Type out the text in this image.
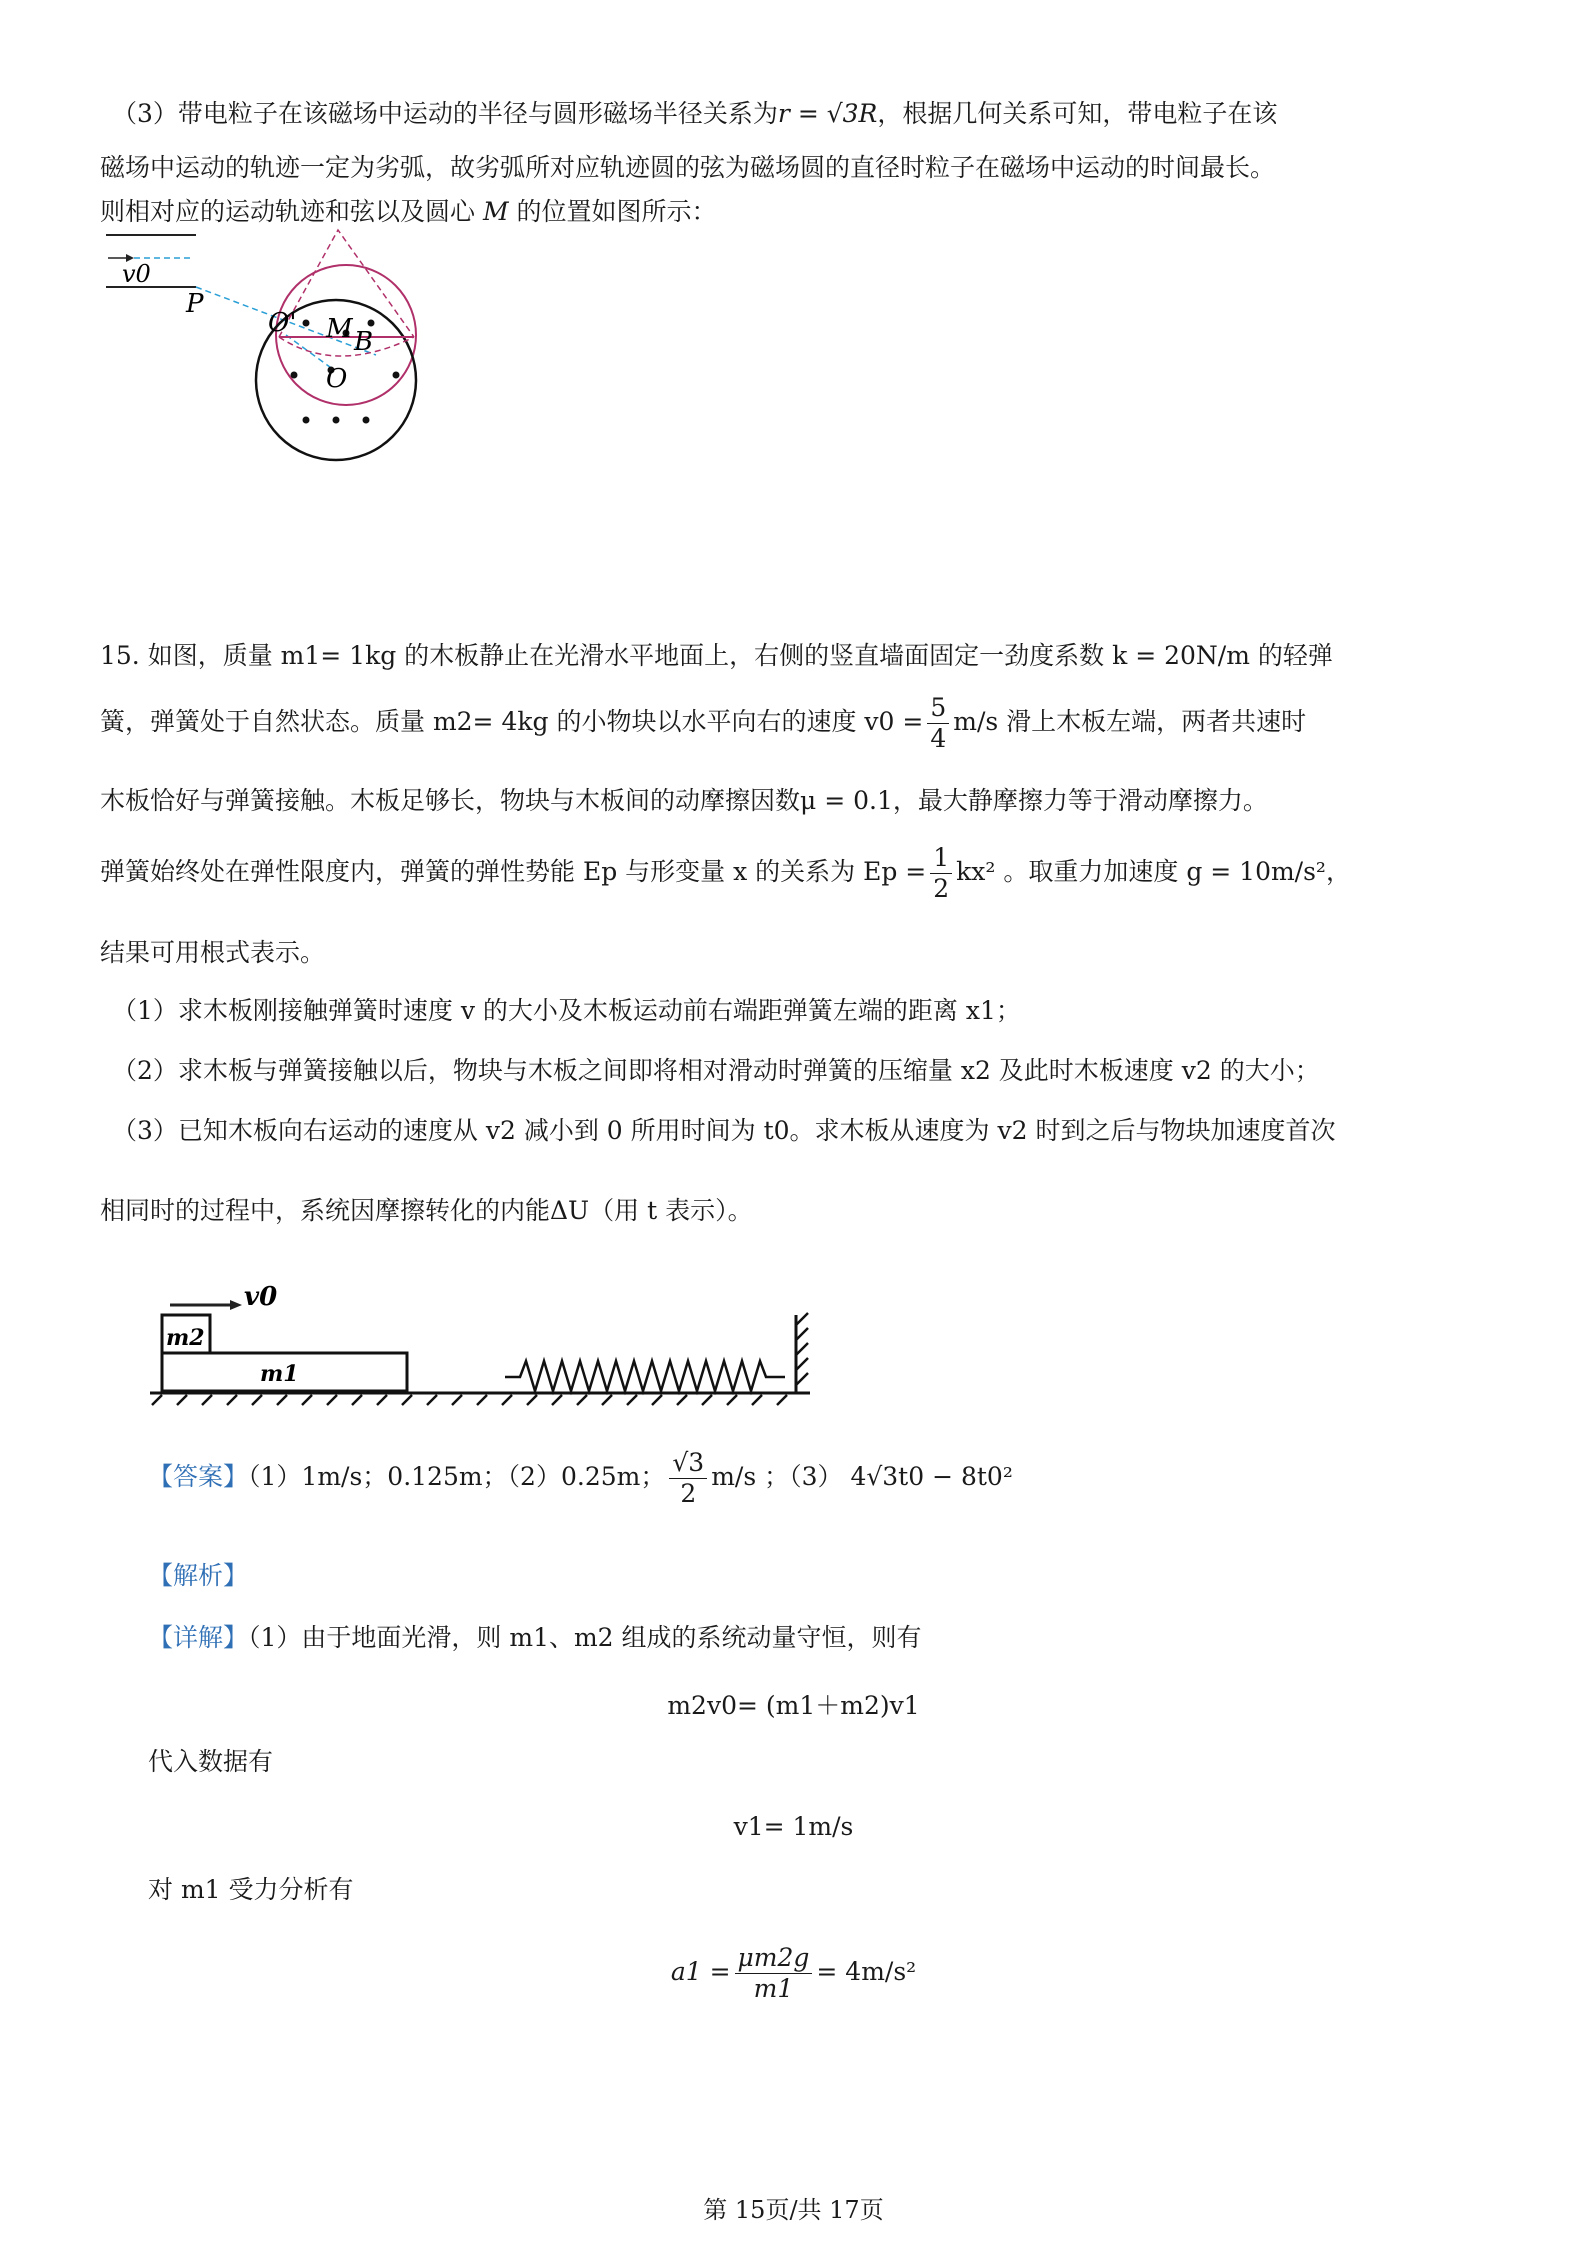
（3）带电粒子在该磁场中运动的半径与圆形磁场半径关系为r = √3R，根据几何关系可知，带电粒子在该
磁场中运动的轨迹一定为劣弧，故劣弧所对应轨迹圆的弦为磁场圆的直径时粒子在磁场中运动的时间最长。
则相对应的运动轨迹和弦以及圆心 M 的位置如图所示：
v0
P
O' M B
O
15. 如图，质量 m1= 1kg 的木板静止在光滑水平地面上，右侧的竖直墙面固定一劲度系数 k = 20N/m 的轻弹
簧，弹簧处于自然状态。质量 m2= 4kg 的小物块以水平向右的速度 $v0 = \frac{5}{4} m/s$ 滑上木板左端，两者共速时
木板恰好与弹簧接触。木板足够长，物块与木板间的动摩擦因数μ = 0.1，最大静摩擦力等于滑动摩擦力。
弹簧始终处在弹性限度内，弹簧的弹性势能 Ep 与形变量 x 的关系为 $Ep = \frac{1}{2} kx^2$ 。取重力加速度 g = 10m/s²，
结果可用根式表示。
（1）求木板刚接触弹簧时速度 v 的大小及木板运动前右端距弹簧左端的距离 x1；
（2）求木板与弹簧接触以后，物块与木板之间即将相对滑动时弹簧的压缩量 x2 及此时木板速度 v2 的大小；
（3）已知木板向右运动的速度从 v2 减小到 0 所用时间为 t0。求木板从速度为 v2 时到之后与物块加速度首次
相同时的过程中，系统因摩擦转化的内能ΔU（用 t 表示）。
v0
m2
m1
【答案】（1）1m/s；0.125m；（2）0.25m； $\frac{√3}{2} m/s$ ；（3） 4√3t0 − 8t0²
【解析】
【详解】（1）由于地面光滑，则 m1、m2 组成的系统动量守恒，则有
m2v0= (m1＋m2)v1
代入数据有
v1= 1m/s
对 m1 受力分析有
$a1 = \frac{\mu m2g}{m1} = 4m/s^2$
第 15页/共 17页
